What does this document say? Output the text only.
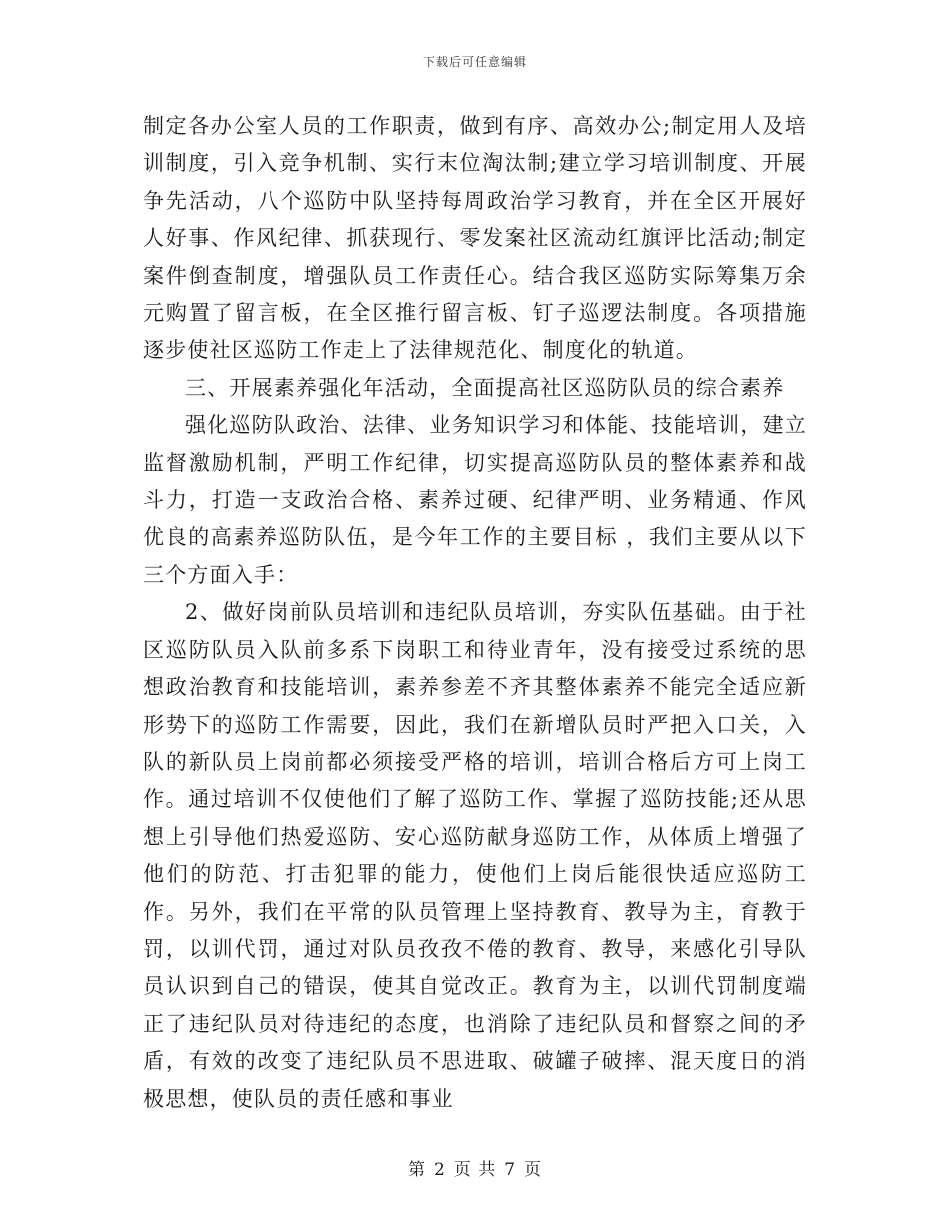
下载后可任意编辑

制定各办公室人员的工作职责，做到有序、高效办公;制定用人及培训制度，引入竞争机制、实行末位淘汰制;建立学习培训制度、开展争先活动，八个巡防中队坚持每周政治学习教育，并在全区开展好人好事、作风纪律、抓获现行、零发案社区流动红旗评比活动;制定案件倒查制度，增强队员工作责任心。结合我区巡防实际筹集万余元购置了留言板，在全区推行留言板、钉子巡逻法制度。各项措施逐步使社区巡防工作走上了法律规范化、制度化的轨道。

三、开展素养强化年活动，全面提高社区巡防队员的综合素养

强化巡防队政治、法律、业务知识学习和体能、技能培训，建立监督激励机制，严明工作纪律，切实提高巡防队员的整体素养和战斗力，打造一支政治合格、素养过硬、纪律严明、业务精通、作风优良的高素养巡防队伍，是今年工作的主要目标 ，我们主要从以下三个方面入手：

2、做好岗前队员培训和违纪队员培训，夯实队伍基础。由于社区巡防队员入队前多系下岗职工和待业青年，没有接受过系统的思想政治教育和技能培训，素养参差不齐其整体素养不能完全适应新形势下的巡防工作需要，因此，我们在新增队员时严把入口关，入队的新队员上岗前都必须接受严格的培训，培训合格后方可上岗工作。通过培训不仅使他们了解了巡防工作、掌握了巡防技能;还从思想上引导他们热爱巡防、安心巡防献身巡防工作，从体质上增强了他们的防范、打击犯罪的能力，使他们上岗后能很快适应巡防工作。另外，我们在平常的队员管理上坚持教育、教导为主，育教于罚，以训代罚，通过对队员孜孜不倦的教育、教导，来感化引导队员认识到自己的错误，使其自觉改正。教育为主，以训代罚制度端正了违纪队员对待违纪的态度，也消除了违纪队员和督察之间的矛盾，有效的改变了违纪队员不思进取、破罐子破摔、混天度日的消极思想，使队员的责任感和事业

第 2 页 共 7 页
